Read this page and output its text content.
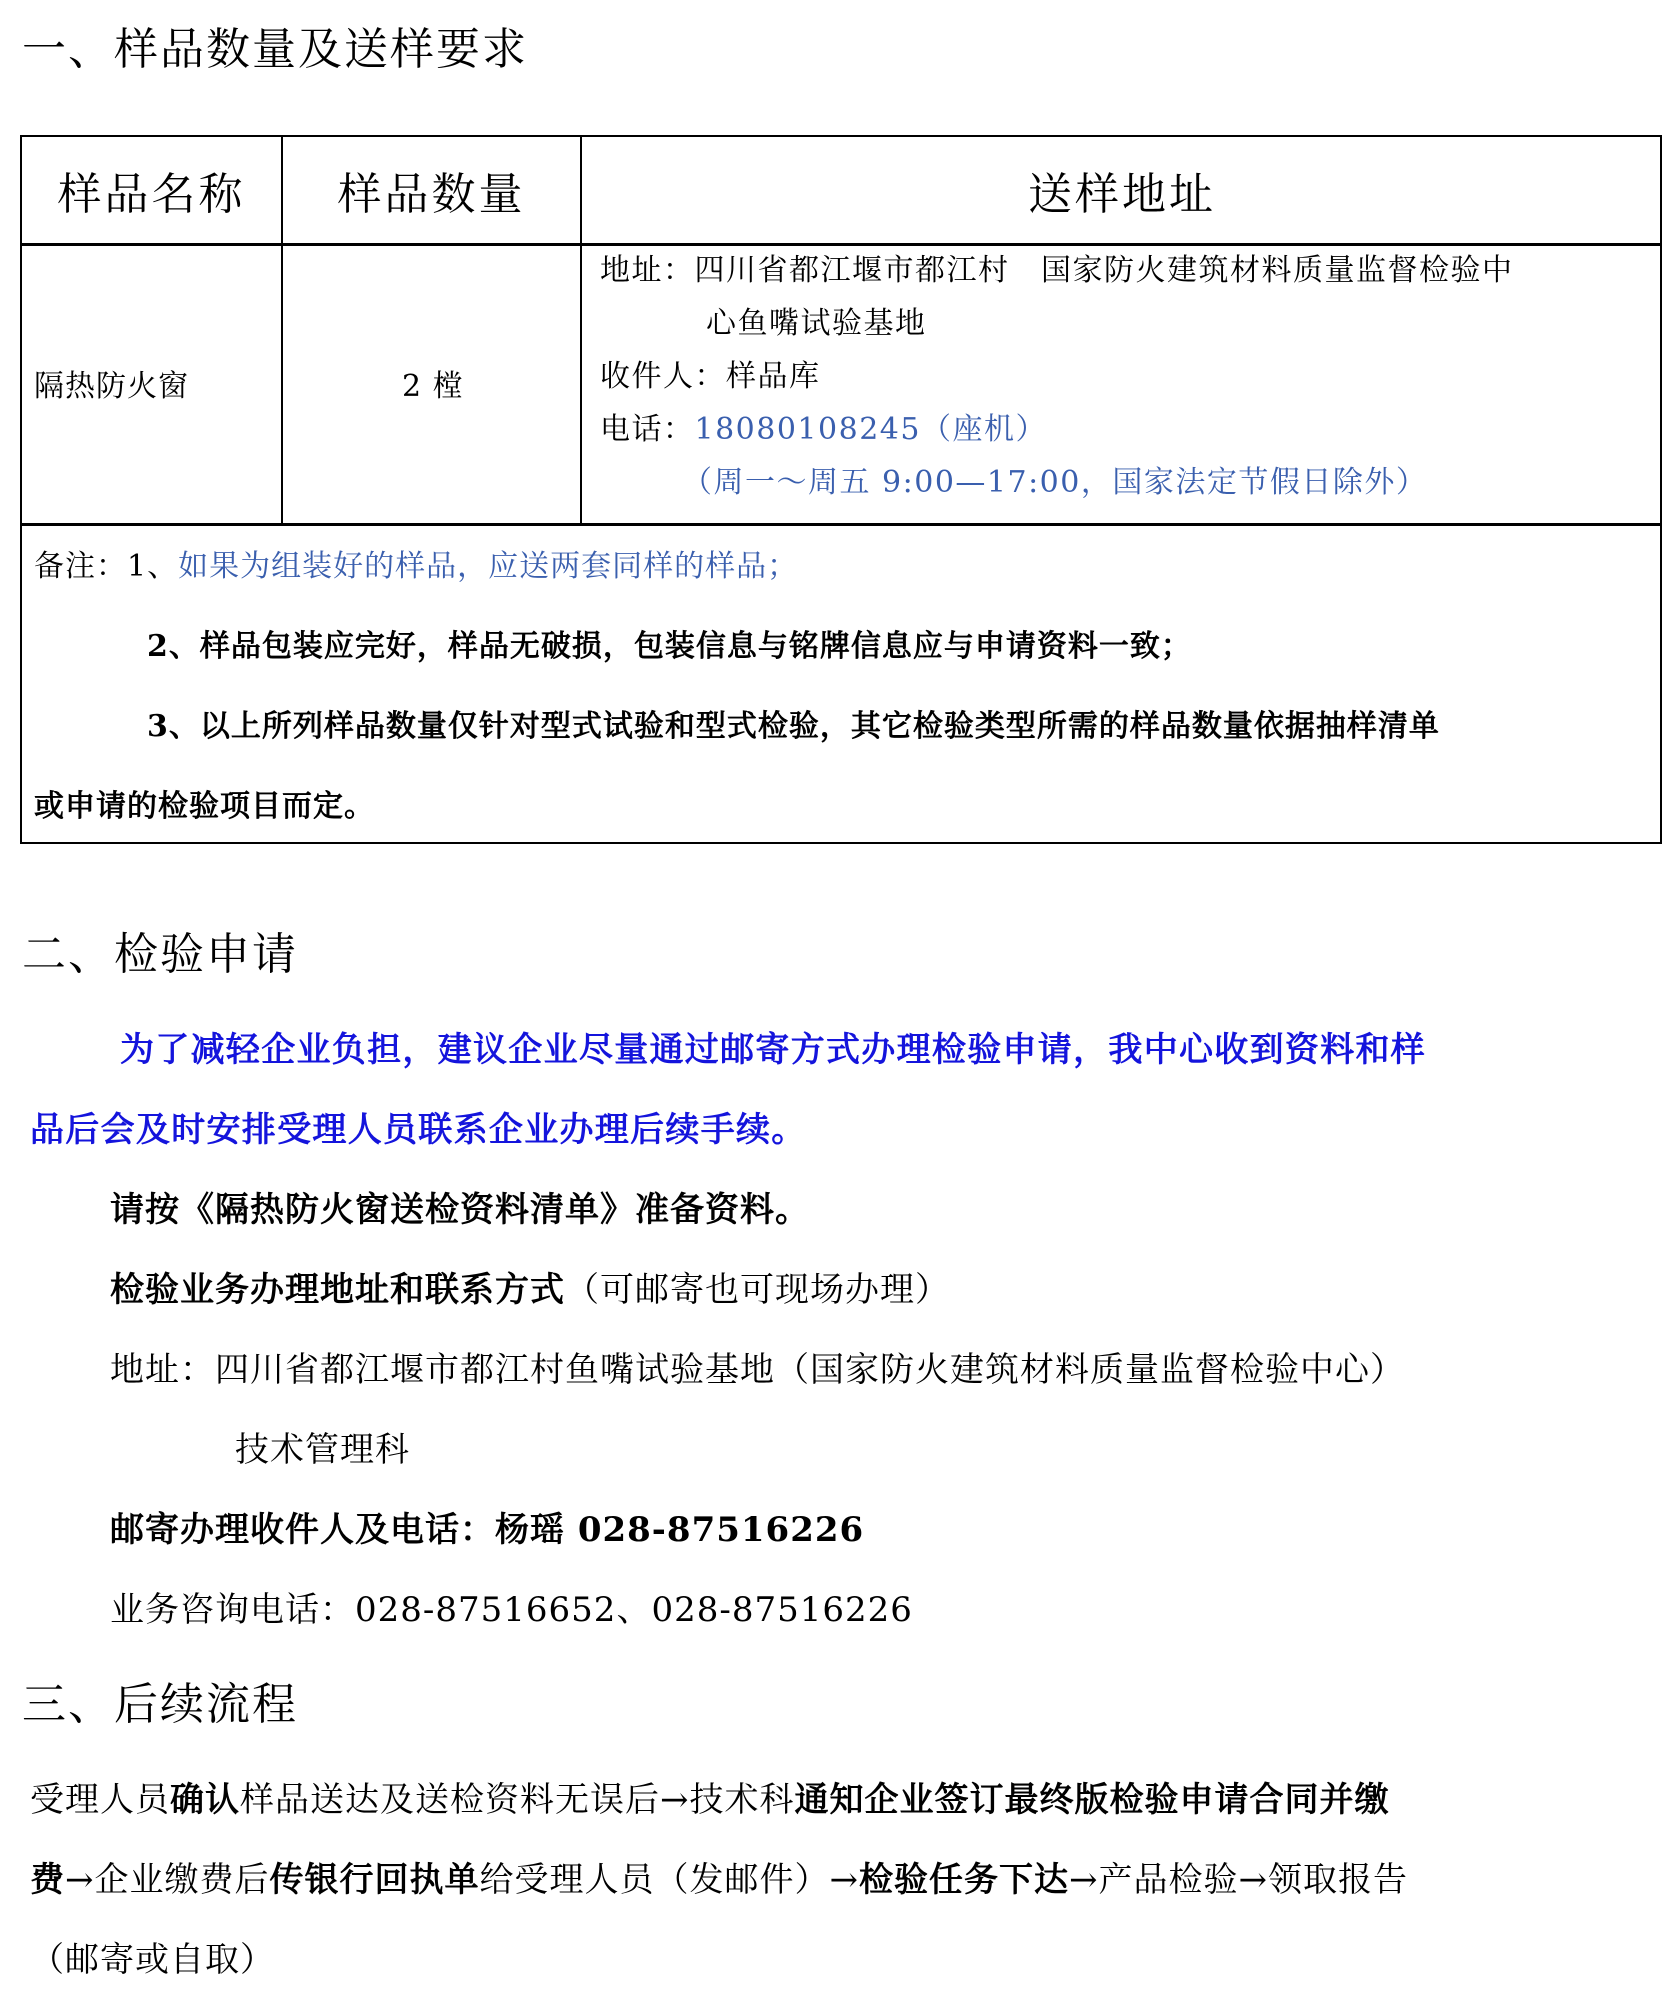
一、样品数量及送样要求
样品名称	样品数量	送样地址
隔热防火窗	2 樘
地址：四川省都江堰市都江村　国家防火建筑材料质量监督检验中
心鱼嘴试验基地
收件人：样品库
电话：18080108245（座机）
（周一～周五 9:00—17:00，国家法定节假日除外）
备注：1、如果为组装好的样品，应送两套同样的样品；
2、样品包装应完好，样品无破损，包装信息与铭牌信息应与申请资料一致；
3、以上所列样品数量仅针对型式试验和型式检验，其它检验类型所需的样品数量依据抽样清单
或申请的检验项目而定。
二、检验申请
为了减轻企业负担，建议企业尽量通过邮寄方式办理检验申请，我中心收到资料和样
品后会及时安排受理人员联系企业办理后续手续。
请按《隔热防火窗送检资料清单》准备资料。
检验业务办理地址和联系方式（可邮寄也可现场办理）
地址：四川省都江堰市都江村鱼嘴试验基地（国家防火建筑材料质量监督检验中心）
技术管理科
邮寄办理收件人及电话：杨瑶 028-87516226
业务咨询电话：028-87516652、028-87516226
三、后续流程
受理人员确认样品送达及送检资料无误后→技术科通知企业签订最终版检验申请合同并缴
费→企业缴费后传银行回执单给受理人员（发邮件）→检验任务下达→产品检验→领取报告
（邮寄或自取）
